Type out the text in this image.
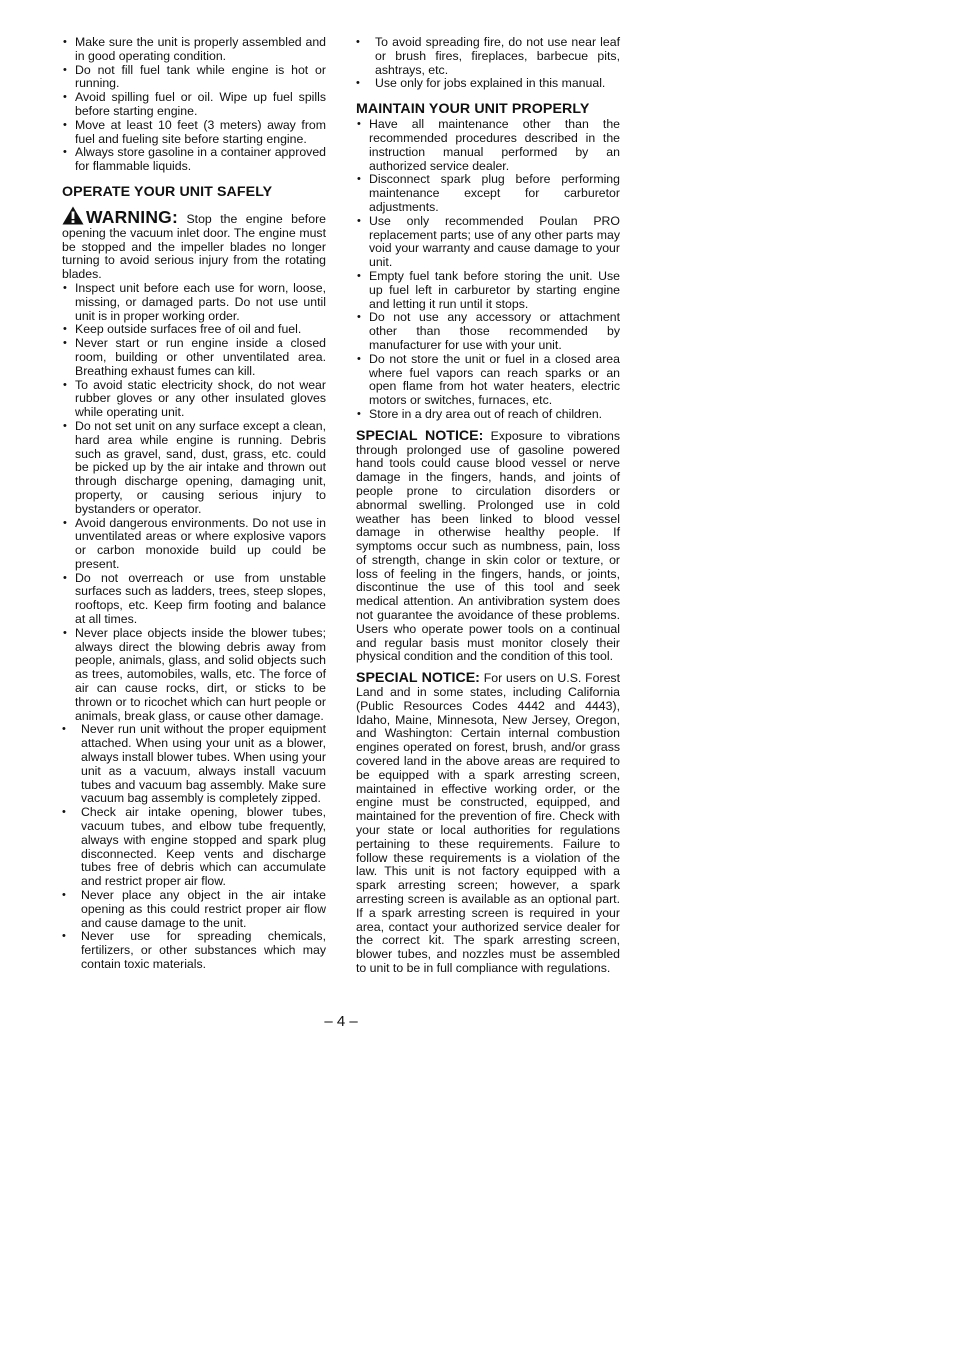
• Make sure the unit is properly assembled and in good operating condition.
• Do not fill fuel tank while engine is hot or running.
• Avoid spilling fuel or oil. Wipe up fuel spills before starting engine.
• Move at least 10 feet (3 meters) away from fuel and fueling site before starting engine.
• Always store gasoline in a container approved for flammable liquids.
OPERATE YOUR UNIT SAFELY

WARNING: Stop the engine before opening the vacuum inlet door. The engine must be stopped and the impeller blades no longer turning to avoid serious injury from the rotating blades.

• Inspect unit before each use for worn, loose, missing, or damaged parts. Do not use until unit is in proper working order.
• Keep outside surfaces free of oil and fuel.
• Never start or run engine inside a closed room, building or other unventilated area. Breathing exhaust fumes can kill.
• To avoid static electricity shock, do not wear rubber gloves or any other insulated gloves while operating unit.
• Do not set unit on any surface except a clean, hard area while engine is running. Debris such as gravel, sand, dust, grass, etc. could be picked up by the air intake and thrown out through discharge opening, damaging unit, property, or causing serious injury to bystanders or operator.
• Avoid dangerous environments. Do not use in unventilated areas or where explosive vapors or carbon monoxide build up could be present.
• Do not overreach or use from unstable surfaces such as ladders, trees, steep slopes, rooftops, etc. Keep firm footing and balance at all times.
• Never place objects inside the blower tubes; always direct the blowing debris away from people, animals, glass, and solid objects such as trees, automobiles, walls, etc. The force of air can cause rocks, dirt, or sticks to be thrown or to ricochet which can hurt people or animals, break glass, or cause other damage.
• Never run unit without the proper equipment attached. When using your unit as a blower, always install blower tubes. When using your unit as a vacuum, always install vacuum tubes and vacuum bag assembly. Make sure vacuum bag assembly is completely zipped.
• Check air intake opening, blower tubes, vacuum tubes, and elbow tube frequently, always with engine stopped and spark plug disconnected. Keep vents and discharge tubes free of debris which can accumulate and restrict proper air flow.
• Never place any object in the air intake opening as this could restrict proper air flow and cause damage to the unit.
• Never use for spreading chemicals, fertilizers, or other substances which may contain toxic materials.
• To avoid spreading fire, do not use near leaf or brush fires, fireplaces, barbecue pits, ashtrays, etc.
• Use only for jobs explained in this manual.
MAINTAIN YOUR UNIT PROPERLY
• Have all maintenance other than the recommended procedures described in the instruction manual performed by an authorized service dealer.
• Disconnect spark plug before performing maintenance except for carburetor adjustments.
• Use only recommended Poulan PRO replacement parts; use of any other parts may void your warranty and cause damage to your unit.
• Empty fuel tank before storing the unit. Use up fuel left in carburetor by starting engine and letting it run until it stops.
• Do not use any accessory or attachment other than those recommended by manufacturer for use with your unit.
• Do not store the unit or fuel in a closed area where fuel vapors can reach sparks or an open flame from hot water heaters, electric motors or switches, furnaces, etc.
• Store in a dry area out of reach of children.

SPECIAL NOTICE: Exposure to vibrations through prolonged use of gasoline powered hand tools could cause blood vessel or nerve damage in the fingers, hands, and joints of people prone to circulation disorders or abnormal swelling. Prolonged use in cold weather has been linked to blood vessel damage in otherwise healthy people. If symptoms occur such as numbness, pain, loss of strength, change in skin color or texture, or loss of feeling in the fingers, hands, or joints, discontinue the use of this tool and seek medical attention. An antivibration system does not guarantee the avoidance of these problems. Users who operate power tools on a continual and regular basis must monitor closely their physical condition and the condition of this tool.

SPECIAL NOTICE: For users on U.S. Forest Land and in some states, including California (Public Resources Codes 4442 and 4443), Idaho, Maine, Minnesota, New Jersey, Oregon, and Washington: Certain internal combustion engines operated on forest, brush, and/or grass covered land in the above areas are required to be equipped with a spark arresting screen, maintained in effective working order, or the engine must be constructed, equipped, and maintained for the prevention of fire. Check with your state or local authorities for regulations pertaining to these requirements. Failure to follow these requirements is a violation of the law. This unit is not factory equipped with a spark arresting screen; however, a spark arresting screen is available as an optional part. If a spark arresting screen is required in your area, contact your authorized service dealer for the correct kit. The spark arresting screen, blower tubes, and nozzles must be assembled to unit to be in full compliance with regulations.

– 4 –
